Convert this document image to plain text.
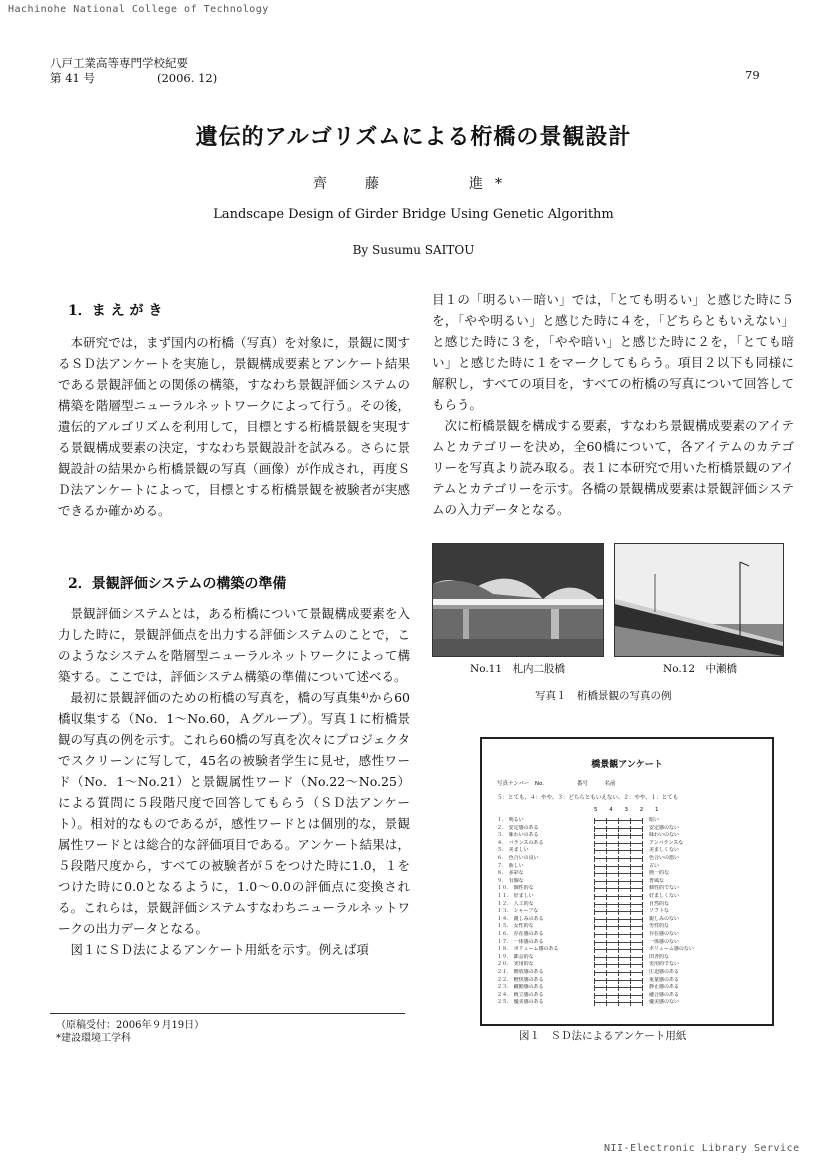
Hachinohe National College of Technology
NII-Electronic Library Service
八戸工業高等専門学校紀要
第 41 号	(2006. 12)	79
遺伝的アルゴリズムによる桁橋の景観設計
齊　藤　　　進*
Landscape Design of Girder Bridge Using Genetic Algorithm
By Susumu SAITOU
1．ま え が き

本研究では，まず国内の桁橋（写真）を対象に，景観に関するＳＤ法アンケートを実施し，景観構成要素とアンケート結果である景観評価との関係の構築，すなわち景観評価システムの構築を階層型ニューラルネットワークによって行う。その後，遺伝的アルゴリズムを利用して，目標とする桁橋景観を実現する景観構成要素の決定，すなわち景観設計を試みる。さらに景観設計の結果から桁橋景観の写真（画像）が作成され，再度ＳＤ法アンケートによって，目標とする桁橋景観を被験者が実感できるか確かめる。

2．景観評価システムの構築の準備

景観評価システムとは，ある桁橋について景観構成要素を入力した時に，景観評価点を出力する評価システムのことで，このようなシステムを階層型ニューラルネットワークによって構築する。ここでは，評価システム構築の準備について述べる。

最初に景観評価のための桁橋の写真を，橋の写真集⁴⁾から60橋収集する（No．1～No.60，Ａグループ）。写真１に桁橋景観の写真の例を示す。これら60橋の写真を次々にプロジェクタでスクリーンに写して，45名の被験者学生に見せ，感性ワード（No．1～No.21）と景観属性ワード（No.22～No.25）による質問に５段階尺度で回答してもらう（ＳＤ法アンケート）。相対的なものであるが，感性ワードとは個別的な，景観属性ワードとは総合的な評価項目である。アンケート結果は，５段階尺度から，すべての被験者が５をつけた時に1.0，１をつけた時に0.0となるように，1.0～0.0の評価点に変換される。これらは，景観評価システムすなわちニューラルネットワークの出力データとなる。

図１にＳＤ法によるアンケート用紙を示す。例えば項

（原稿受付：2006年９月19日）
*建設環境工学科

目１の「明るい－暗い」では，「とても明るい」と感じた時に５を，「やや明るい」と感じた時に４を，「どちらともいえない」と感じた時に３を，「やや暗い」と感じた時に２を，「とても暗い」と感じた時に１をマークしてもらう。項目２以下も同様に解釈し，すべての項目を，すべての桁橋の写真について回答してもらう。

次に桁橋景観を構成する要素，すなわち景観構成要素のアイテムとカテゴリーを決め，全60橋について，各アイテムのカテゴリーを写真より読み取る。表１に本研究で用いた桁橋景観のアイテムとカテゴリーを示す。各橋の景観構成要素は景観評価システムの入力データとなる。

No.11　札内二股橋	No.12　中瀬橋
写真１　桁橋景観の写真の例
橋景観アンケート
写真ナンバー　No.　　　　　　番号　　　名前
５：とても、４：やや、３：どちらともいえない、２：やや、１：とても
5 4 3 2 1
１.　明るい	暗い
２.　安定感のある	安定感のない
３.　味わいのある	味わいのない
４.　バランスのある	アンバランスな
５.　美ましい	美ましくない
６.　色合いの良い	色合いの悪い
７.　新しい	古い
８.　多彩な	画一的な
９.　有個な	普風な
１０.　個性的な	個性的でない
１１.　好ましい	好ましくない
１２.　人工的な	自然的な
１３.　シャープな	ソフトな
１４.　親しみのある	親しみのない
１５.　女性的な	男性的な
１６.　存在感のある	存在感のない
１７.　一体感のある	一体感のない
１８.　ボリューム感のある	ボリューム感のない
１９.　都会的な	田舎的な
２０.　実用的な	実用的でない
２１.　開放感のある	圧迫感のある
２２.　軽快感のある	重量感のある
２３.　躍動感のある	静止感のある
２４.　統立感のある	融合感のある
２５.　優美感のある	優美感のない
図１　ＳＤ法によるアンケート用紙
